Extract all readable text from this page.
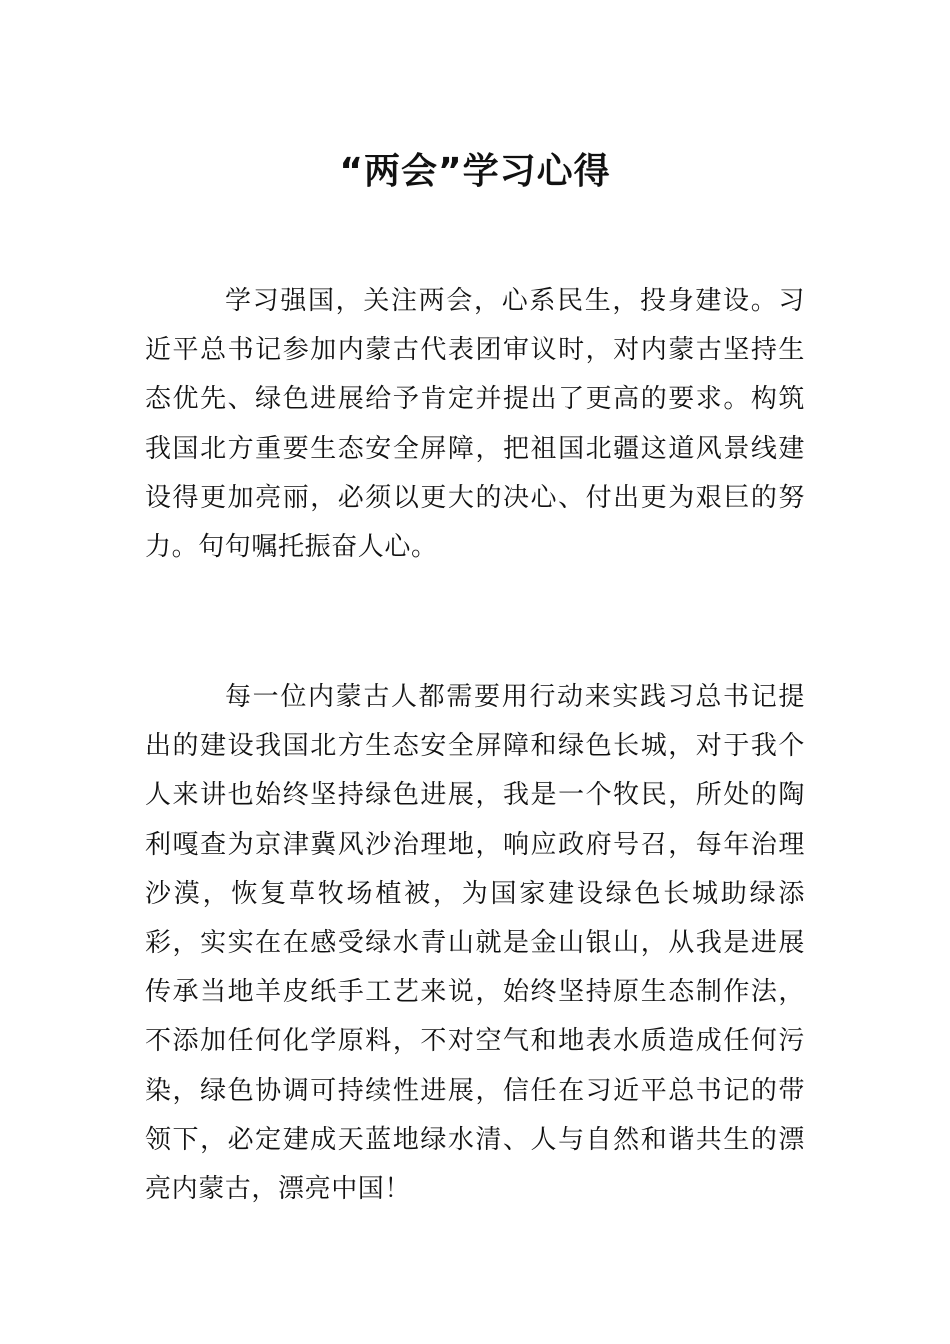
“两会”学习心得

学习强国，关注两会，心系民生，投身建设。习近平总书记参加内蒙古代表团审议时，对内蒙古坚持生态优先、绿色进展给予肯定并提出了更高的要求。构筑我国北方重要生态安全屏障，把祖国北疆这道风景线建设得更加亮丽，必须以更大的决心、付出更为艰巨的努力。句句嘱托振奋人心。

每一位内蒙古人都需要用行动来实践习总书记提出的建设我国北方生态安全屏障和绿色长城，对于我个人来讲也始终坚持绿色进展，我是一个牧民，所处的陶利嘎查为京津冀风沙治理地，响应政府号召，每年治理沙漠，恢复草牧场植被，为国家建设绿色长城助绿添彩，实实在在感受绿水青山就是金山银山，从我是进展传承当地羊皮纸手工艺来说，始终坚持原生态制作法，不添加任何化学原料，不对空气和地表水质造成任何污染，绿色协调可持续性进展，信任在习近平总书记的带领下，必定建成天蓝地绿水清、人与自然和谐共生的漂亮内蒙古，漂亮中国！
